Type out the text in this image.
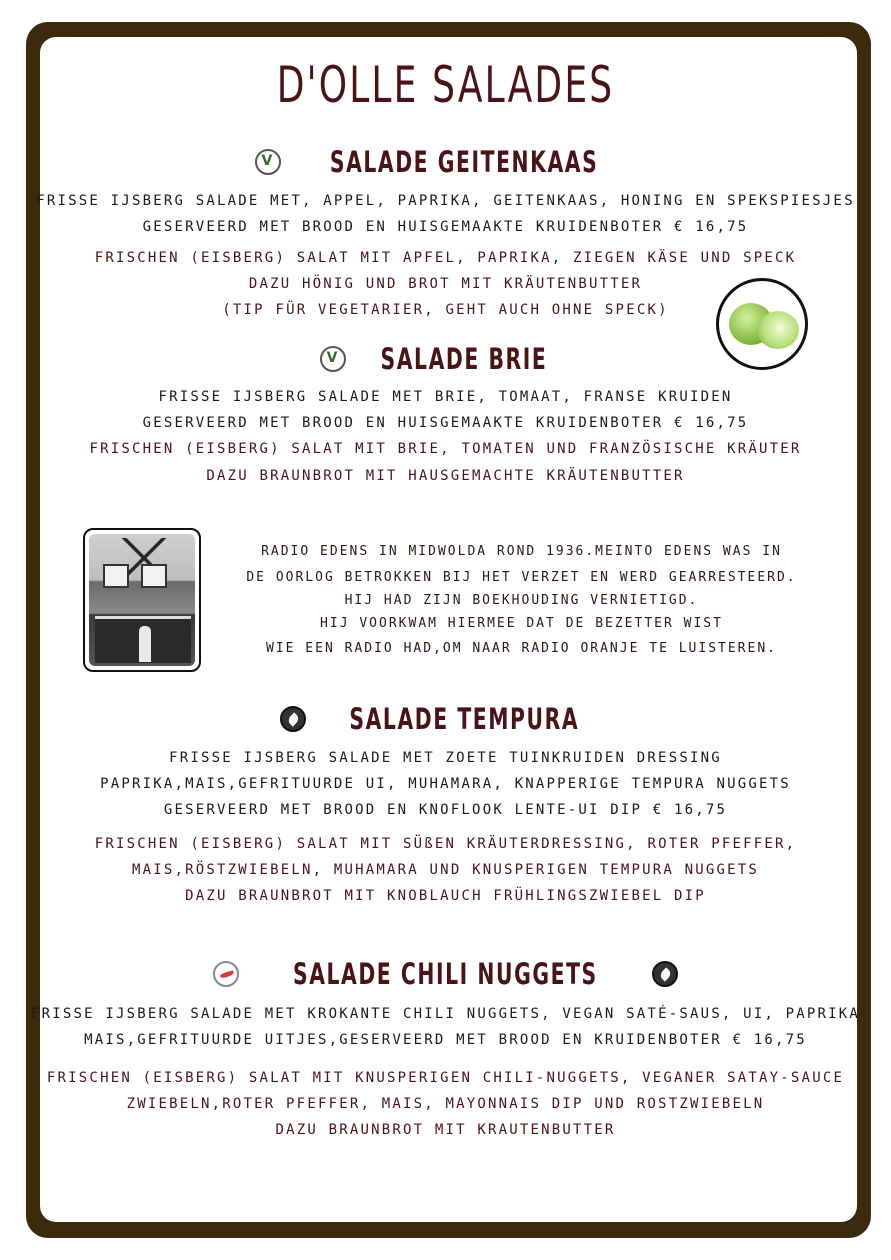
D'OLLE SALADES
V SALADE GEITENKAAS

FRISSE IJSBERG SALADE MET, APPEL, PAPRIKA, GEITENKAAS, HONING EN SPEKSPIESJES

GESERVEERD MET BROOD EN HUISGEMAAKTE KRUIDENBOTER € 16,75

FRISCHEN (EISBERG) SALAT MIT APFEL, PAPRIKA, ZIEGEN KÄSE UND SPECK

DAZU HÖNIG UND BROT MIT KRÄUTENBUTTER

(TIP FÜR VEGETARIER, GEHT AUCH OHNE SPECK)

V SALADE BRIE

FRISSE IJSBERG SALADE MET BRIE, TOMAAT, FRANSE KRUIDEN

GESERVEERD MET BROOD EN HUISGEMAAKTE KRUIDENBOTER € 16,75

FRISCHEN (EISBERG) SALAT MIT BRIE, TOMATEN UND FRANZÖSISCHE KRÄUTER

DAZU BRAUNBROT MIT HAUSGEMACHTE KRÄUTENBUTTER

RADIO EDENS IN MIDWOLDA ROND 1936.MEINTO EDENS WAS IN

DE OORLOG BETROKKEN BIJ HET VERZET EN WERD GEARRESTEERD.

HIJ HAD ZIJN BOEKHOUDING VERNIETIGD.

HIJ VOORKWAM HIERMEE DAT DE BEZETTER WIST

WIE EEN RADIO HAD,OM NAAR RADIO ORANJE TE LUISTEREN.

SALADE TEMPURA

FRISSE IJSBERG SALADE MET ZOETE TUINKRUIDEN DRESSING

PAPRIKA,MAIS,GEFRITUURDE UI, MUHAMARA, KNAPPERIGE TEMPURA NUGGETS

GESERVEERD MET BROOD EN KNOFLOOK LENTE-UI DIP € 16,75

FRISCHEN (EISBERG) SALAT MIT SÜßEN KRÄUTERDRESSING, ROTER PFEFFER,

MAIS,RÖSTZWIEBELN, MUHAMARA UND KNUSPERIGEN TEMPURA NUGGETS

DAZU BRAUNBROT MIT KNOBLAUCH FRÜHLINGSZWIEBEL DIP

SALADE CHILI NUGGETS

FRISSE IJSBERG SALADE MET KROKANTE CHILI NUGGETS, VEGAN SATÉ-SAUS, UI, PAPRIKA

MAIS,GEFRITUURDE UITJES,GESERVEERD MET BROOD EN KRUIDENBOTER € 16,75

FRISCHEN (EISBERG) SALAT MIT KNUSPERIGEN CHILI-NUGGETS, VEGANER SATAY-SAUCE

ZWIEBELN,ROTER PFEFFER, MAIS, MAYONNAIS DIP UND ROSTZWIEBELN

DAZU BRAUNBROT MIT KRAUTENBUTTER
